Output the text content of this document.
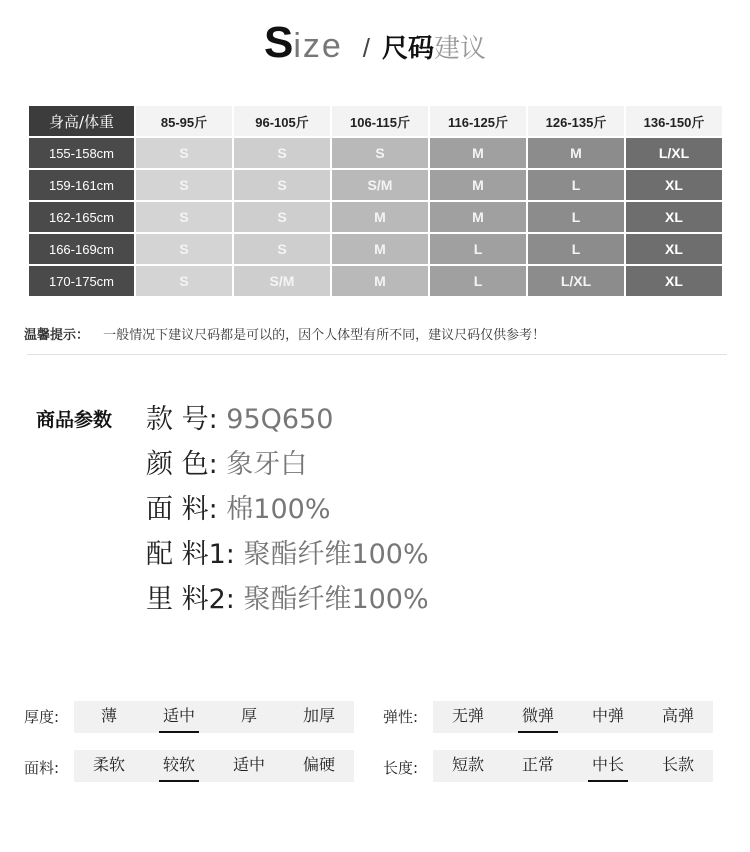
Size / 尺码建议
身高/体重	85-95斤	96-105斤	106-115斤	116-125斤	126-135斤	136-150斤
155-158cm	S	S	S	M	M	L/XL
159-161cm	S	S	S/M	M	L	XL
162-165cm	S	S	M	M	L	XL
166-169cm	S	S	M	L	L	XL
170-175cm	S	S/M	M	L	L/XL	XL
温馨提示： 一般情况下建议尺码都是可以的，因个人体型有所不同，建议尺码仅供参考！
商品参数 款 号: 95Q650
颜 色: 象牙白
面 料: 棉100%
配 料1: 聚酯纤维100%
里 料2: 聚酯纤维100%
厚度:	薄	适中	厚	加厚	弹性:	无弹	微弹	中弹	高弹
面料:	柔软	较软	适中	偏硬	长度:	短款	正常	中长	长款
